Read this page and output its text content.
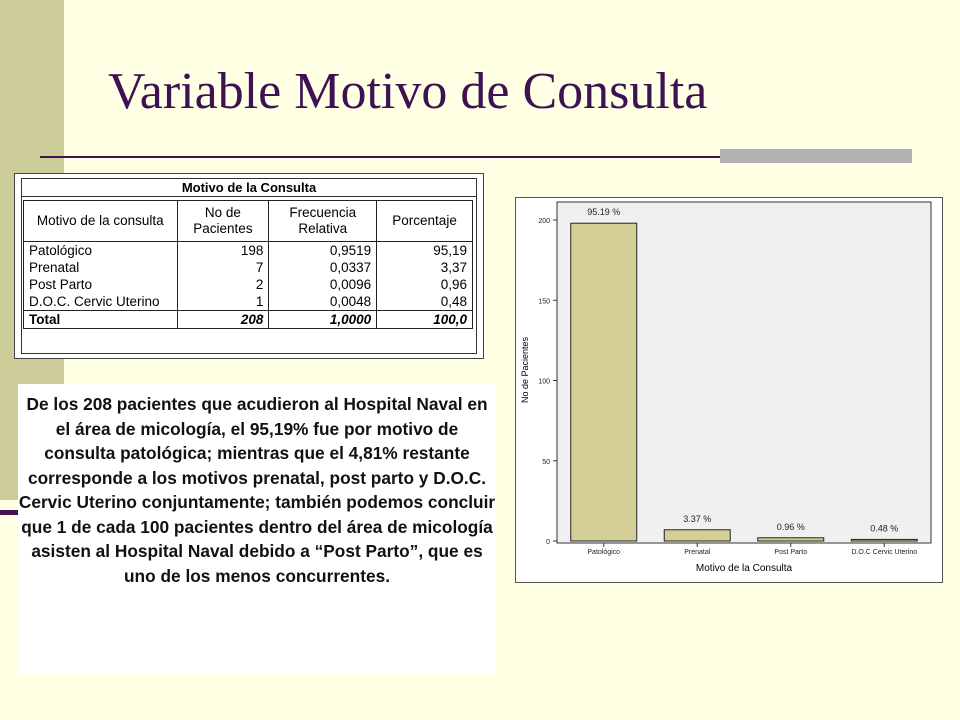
Variable Motivo de Consulta
Motivo de la Consulta
Motivo de la consulta	No de Pacientes	Frecuencia Relativa	Porcentaje
Patológico	198	0,9519	95,19
Prenatal	7	0,0337	3,37
Post Parto	2	0,0096	0,96
D.O.C. Cervic Uterino	1	0,0048	0,48
Total	208	1,0000	100,0

De los 208 pacientes que acudieron al Hospital Naval en el área de micología, el 95,19% fue por motivo de consulta patológica; mientras que el 4,81% restante corresponde a los motivos prenatal, post parto y D.O.C. Cervic Uterino conjuntamente; también podemos concluir que 1 de cada 100 pacientes dentro del área de micología asisten al Hospital Naval debido a “Post Parto”, que es uno de los menos concurrentes.

0
50
100
150
200
95.19 %
3.37 %
0.96 %	0.48 %
Patológico	Prenatal	Post Parto	D.O.C Cervic Uterino
Motivo de la Consulta
No de Pacientes
